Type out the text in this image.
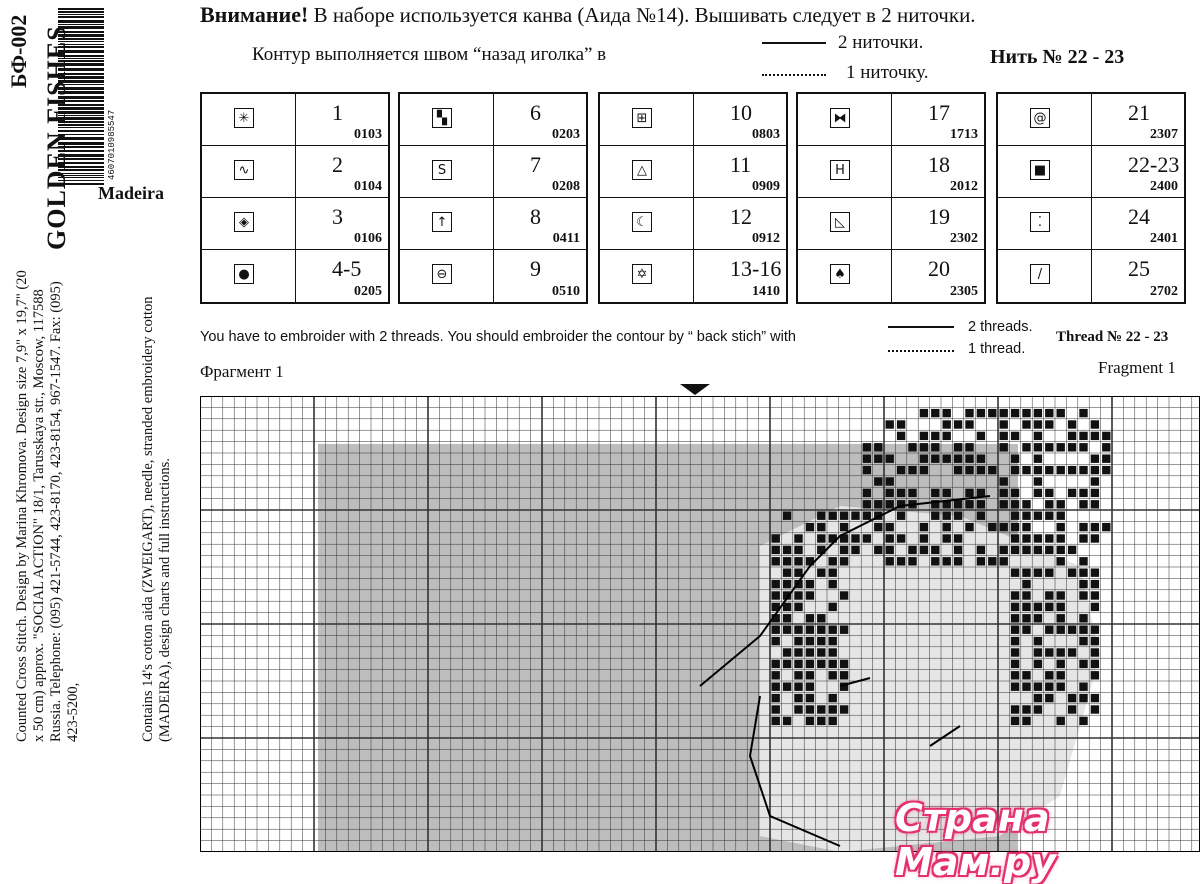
БФ-002
4607010985547
GOLDEN FISHES Madeira
Counted Cross Stitch. Design by Marina Khromova. Design size 7,9" x 19,7" (20 x 50 cm) approx. "SOCIAL ACTION" 18/1, Tarusskaya str., Moscow, 117588 Russia. Telephone: (095) 421-5744, 423-8170, 423-8154, 967-1547. Fax: (095) 423-5200,	Contains 14's cotton aida (ZWEIGART), needle, stranded embroidery cotton (MADEIRA), design charts and full instructions.
Внимание! В наборе используется канва (Аида №14). Вышивать следует в 2 ниточки.
Контур выполняется швом “назад иголка” в
2 ниточки.
1 ниточку.
Нить № 22 - 23
✳	1
0103
∿	2
0104
◈	3
0106
●	4-5
0205
▚	6
0203
S	7
0208
↑	8
0411
⊖	9
0510
⊞	10
0803
△	11
0909
☾	12
0912
✡	13-16
1410
⧓	17
1713
H	18
2012
◺	19
2302
♠	20
2305
@	21
2307
■	22-23
2400
⁚	24
2401
/	25
2702
You have to embroider with 2 threads. You should embroider the contour by “ back stich” with
2 threads.
1 thread.
Thread № 22 - 23
Фрагмент 1	Fragment 1
Страна Мам.ру
